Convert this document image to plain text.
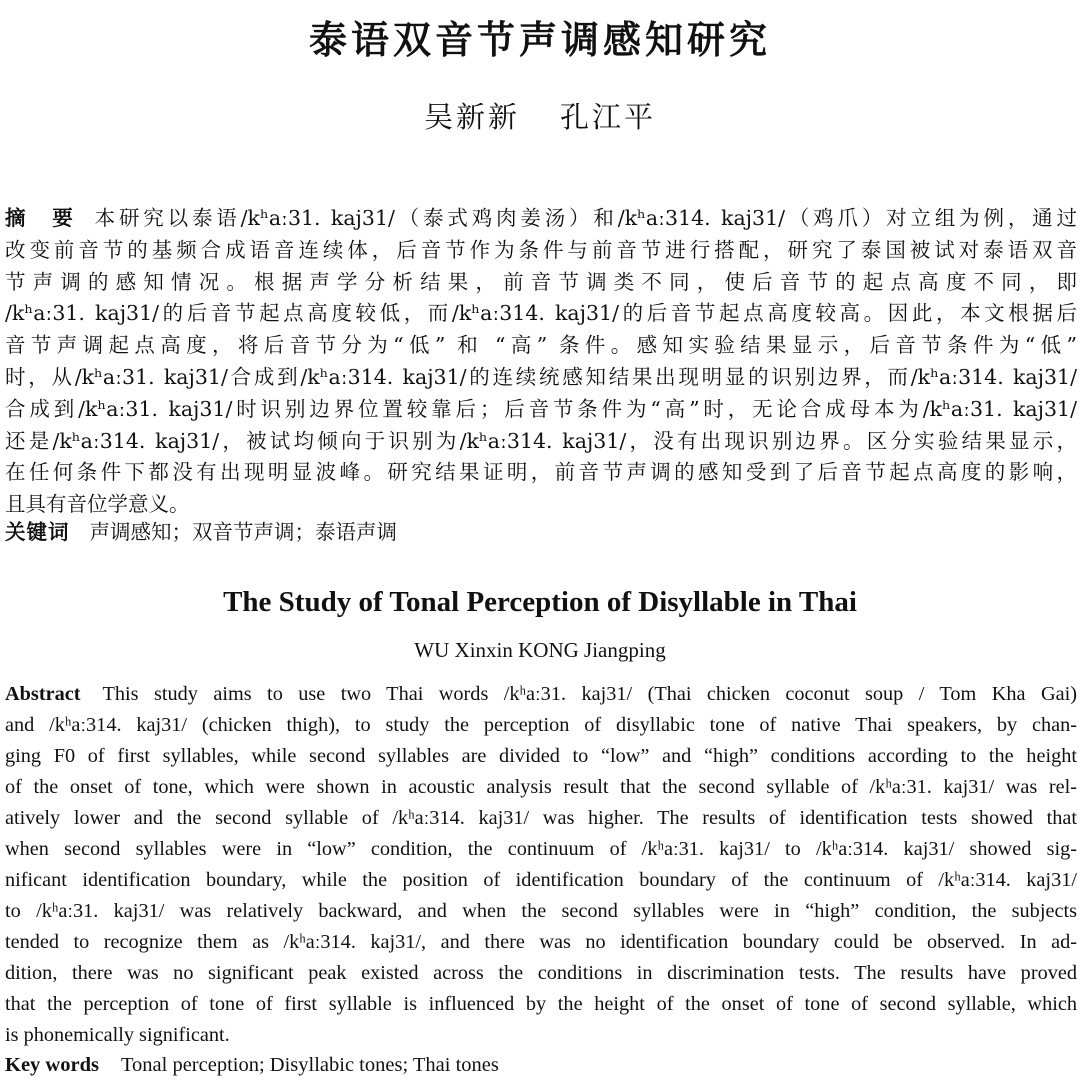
泰语双音节声调感知研究
吴新新 孔江平
摘 要 本研究以泰语/kʰaː31. kaj31/（泰式鸡肉姜汤）和/kʰaː314. kaj31/（鸡爪）对立组为例，通过
改变前音节的基频合成语音连续体，后音节作为条件与前音节进行搭配，研究了泰国被试对泰语双音
节声调的感知情况。根据声学分析结果，前音节调类不同，使后音节的起点高度不同，即
/kʰaː31. kaj31/的后音节起点高度较低，而/kʰaː314. kaj31/的后音节起点高度较高。因此，本文根据后
音节声调起点高度，将后音节分为“低” 和 “高” 条件。感知实验结果显示，后音节条件为“低”
时，从/kʰaː31. kaj31/合成到/kʰaː314. kaj31/的连续统感知结果出现明显的识别边界，而/kʰaː314. kaj31/
合成到/kʰaː31. kaj31/时识别边界位置较靠后；后音节条件为“高”时，无论合成母本为/kʰaː31. kaj31/
还是/kʰaː314. kaj31/，被试均倾向于识别为/kʰaː314. kaj31/，没有出现识别边界。区分实验结果显示，
在任何条件下都没有出现明显波峰。研究结果证明，前音节声调的感知受到了后音节起点高度的影响，
且具有音位学意义。
关键词 声调感知；双音节声调；泰语声调
The Study of Tonal Perception of Disyllable in Thai
WU Xinxin KONG Jiangping
Abstract This study aims to use two Thai words /kʰaː31. kaj31/ (Thai chicken coconut soup / Tom Kha Gai)
and /kʰaː314. kaj31/ (chicken thigh), to study the perception of disyllabic tone of native Thai speakers, by chan-
ging F0 of first syllables, while second syllables are divided to “low” and “high” conditions according to the height
of the onset of tone, which were shown in acoustic analysis result that the second syllable of /kʰaː31. kaj31/ was rel-
atively lower and the second syllable of /kʰaː314. kaj31/ was higher. The results of identification tests showed that
when second syllables were in “low” condition, the continuum of /kʰaː31. kaj31/ to /kʰaː314. kaj31/ showed sig-
nificant identification boundary, while the position of identification boundary of the continuum of /kʰaː314. kaj31/
to /kʰaː31. kaj31/ was relatively backward, and when the second syllables were in “high” condition, the subjects
tended to recognize them as /kʰaː314. kaj31/, and there was no identification boundary could be observed. In ad-
dition, there was no significant peak existed across the conditions in discrimination tests. The results have proved
that the perception of tone of first syllable is influenced by the height of the onset of tone of second syllable, which
is phonemically significant.
Key words Tonal perception; Disyllabic tones; Thai tones
